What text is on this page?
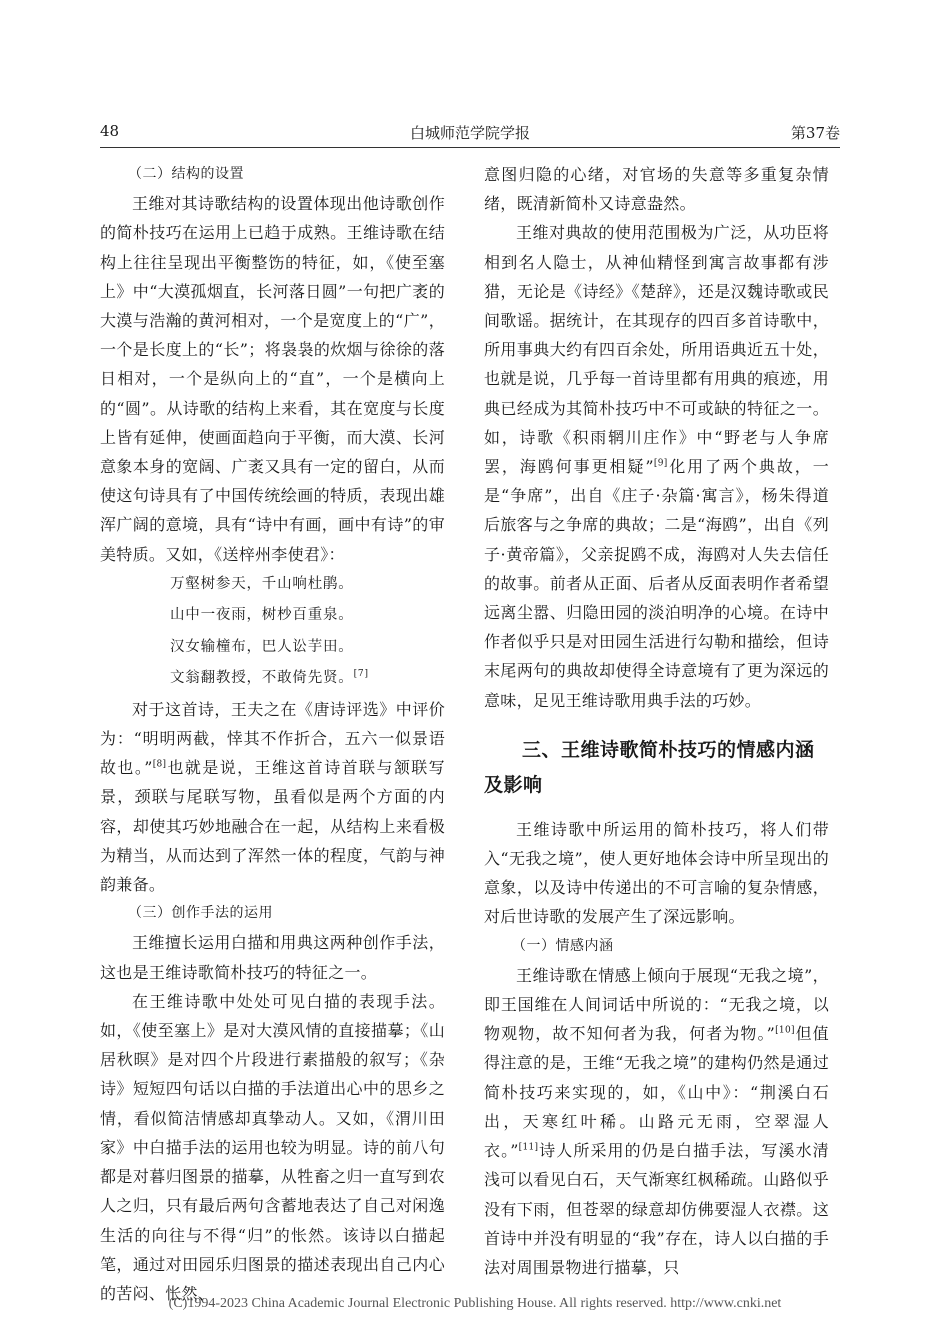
48	白城师范学院学报	第37卷
（二）结构的设置

王维对其诗歌结构的设置体现出他诗歌创作的简朴技巧在运用上已趋于成熟。王维诗歌在结构上往往呈现出平衡整饬的特征，如，《使至塞上》中“大漠孤烟直，长河落日圆”一句把广袤的大漠与浩瀚的黄河相对，一个是宽度上的“广”，一个是长度上的“长”；将袅袅的炊烟与徐徐的落日相对，一个是纵向上的“直”，一个是横向上的“圆”。从诗歌的结构上来看，其在宽度与长度上皆有延伸，使画面趋向于平衡，而大漠、长河意象本身的宽阔、广袤又具有一定的留白，从而使这句诗具有了中国传统绘画的特质，表现出雄浑广阔的意境，具有“诗中有画，画中有诗”的审美特质。又如，《送梓州李使君》：

万壑树参天，千山响杜鹃。
山中一夜雨，树杪百重泉。
汉女输橦布，巴人讼芋田。
文翁翻教授，不敢倚先贤。[7]

对于这首诗，王夫之在《唐诗评选》中评价为：“明明两截，悻其不作折合，五六一似景语故也。”[8]也就是说，王维这首诗首联与颔联写景，颈联与尾联写物，虽看似是两个方面的内容，却使其巧妙地融合在一起，从结构上来看极为精当，从而达到了浑然一体的程度，气韵与神韵兼备。

（三）创作手法的运用

王维擅长运用白描和用典这两种创作手法，这也是王维诗歌简朴技巧的特征之一。

在王维诗歌中处处可见白描的表现手法。如，《使至塞上》是对大漠风情的直接描摹；《山居秋暝》是对四个片段进行素描般的叙写；《杂诗》短短四句话以白描的手法道出心中的思乡之情，看似简洁情感却真挚动人。又如，《渭川田家》中白描手法的运用也较为明显。诗的前八句都是对暮归图景的描摹，从牲畜之归一直写到农人之归，只有最后两句含蓄地表达了自己对闲逸生活的向往与不得“归”的怅然。该诗以白描起笔，通过对田园乐归图景的描述表现出自己内心的苦闷、怅然、

意图归隐的心绪，对官场的失意等多重复杂情绪，既清新简朴又诗意盎然。

王维对典故的使用范围极为广泛，从功臣将相到名人隐士，从神仙精怪到寓言故事都有涉猎，无论是《诗经》《楚辞》，还是汉魏诗歌或民间歌谣。据统计，在其现存的四百多首诗歌中，所用事典大约有四百余处，所用语典近五十处，也就是说，几乎每一首诗里都有用典的痕迹，用典已经成为其简朴技巧中不可或缺的特征之一。如，诗歌《积雨辋川庄作》中“野老与人争席罢，海鸥何事更相疑”[9]化用了两个典故，一是“争席”，出自《庄子·杂篇·寓言》，杨朱得道后旅客与之争席的典故；二是“海鸥”，出自《列子·黄帝篇》，父亲捉鸥不成，海鸥对人失去信任的故事。前者从正面、后者从反面表明作者希望远离尘嚣、归隐田园的淡泊明净的心境。在诗中作者似乎只是对田园生活进行勾勒和描绘，但诗末尾两句的典故却使得全诗意境有了更为深远的意味，足见王维诗歌用典手法的巧妙。

三、王维诗歌简朴技巧的情感内涵及影响

王维诗歌中所运用的简朴技巧，将人们带入“无我之境”，使人更好地体会诗中所呈现出的意象，以及诗中传递出的不可言喻的复杂情感，对后世诗歌的发展产生了深远影响。

（一）情感内涵

王维诗歌在情感上倾向于展现“无我之境”，即王国维在人间词话中所说的：“无我之境，以物观物，故不知何者为我，何者为物。”[10]但值得注意的是，王维“无我之境”的建构仍然是通过简朴技巧来实现的，如，《山中》：“荆溪白石出，天寒红叶稀。山路元无雨，空翠湿人衣。”[11]诗人所采用的仍是白描手法，写溪水清浅可以看见白石，天气渐寒红枫稀疏。山路似乎没有下雨，但苍翠的绿意却仿佛要湿人衣襟。这首诗中并没有明显的“我”存在，诗人以白描的手法对周围景物进行描摹，只

(C)1994-2023 China Academic Journal Electronic Publishing House. All rights reserved. http://www.cnki.net
